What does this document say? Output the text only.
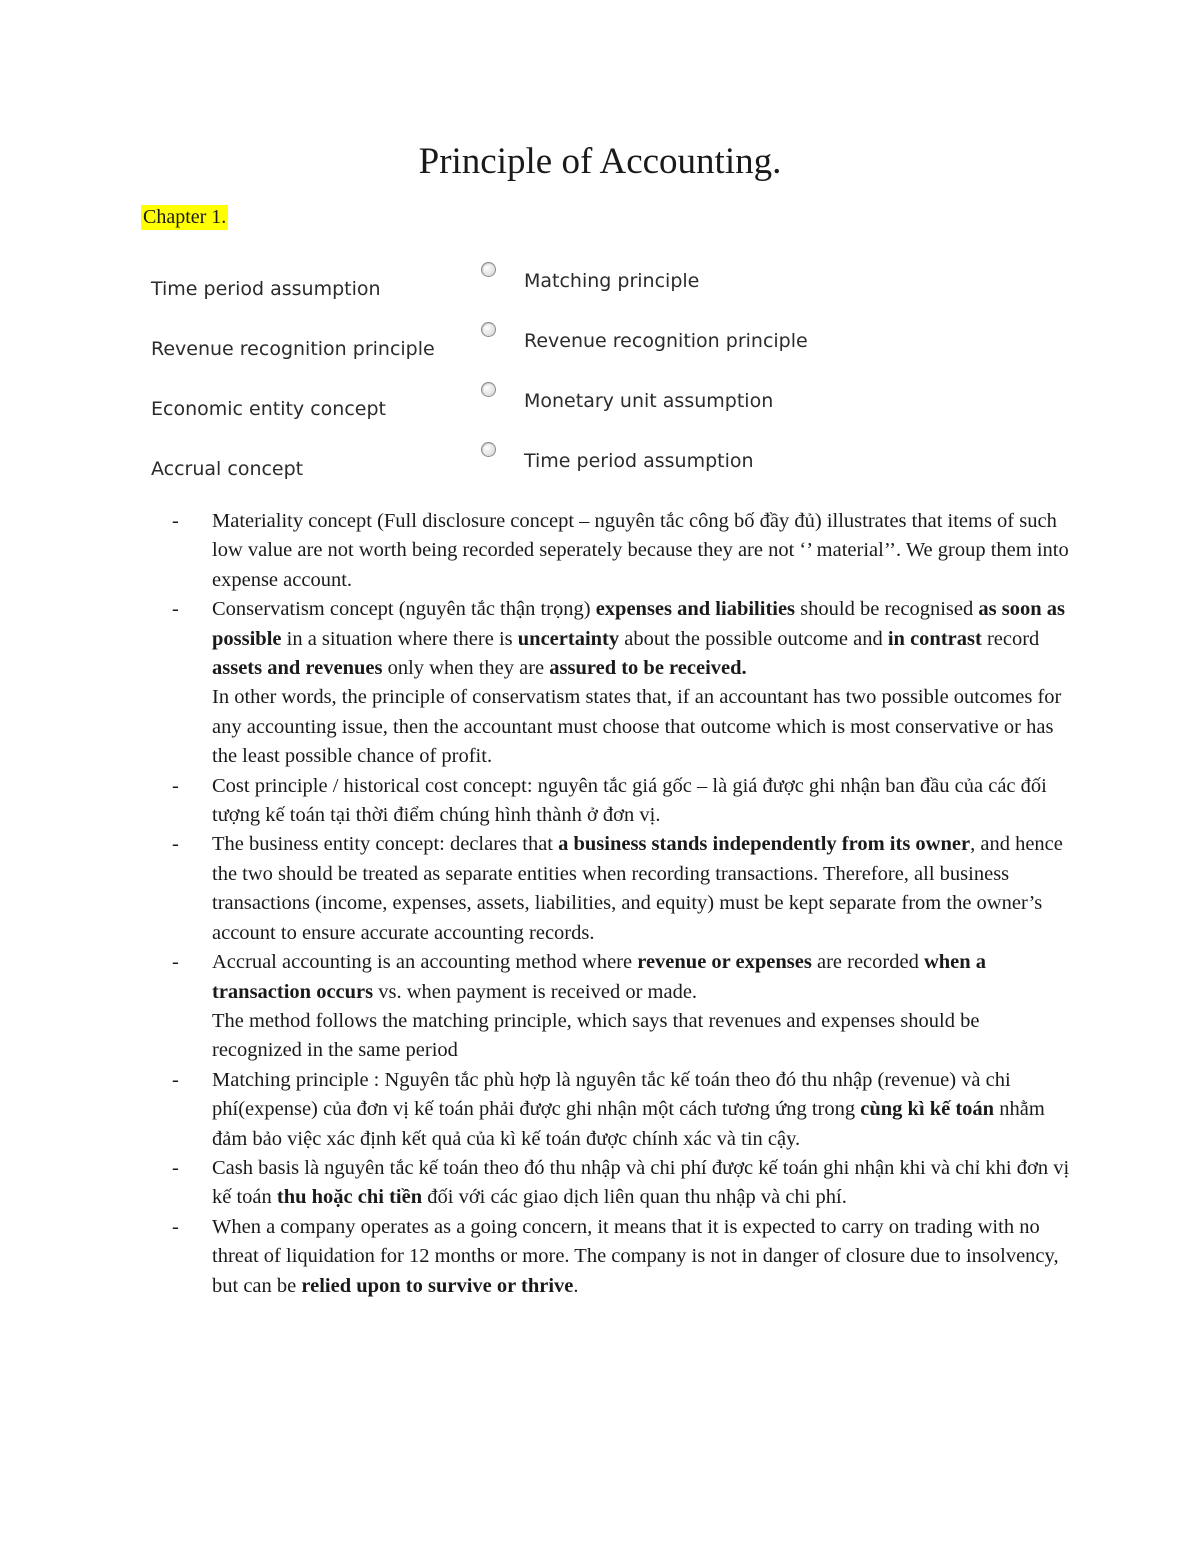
Principle of Accounting.
Chapter 1.
Time period assumption
Revenue recognition principle
Economic entity concept
Accrual concept
Matching principle
Revenue recognition principle
Monetary unit assumption
Time period assumption
- Materiality concept (Full disclosure concept – nguyên tắc công bố đầy đủ) illustrates that items of such low value are not worth being recorded seperately because they are not ‘’ material’’. We group them into expense account.

- Conservatism concept (nguyên tắc thận trọng) expenses and liabilities should be recognised as soon as possible in a situation where there is uncertainty about the possible outcome and in contrast record assets and revenues only when they are assured to be received.

In other words, the principle of conservatism states that, if an accountant has two possible outcomes for any accounting issue, then the accountant must choose that outcome which is most conservative or has the least possible chance of profit.

- Cost principle / historical cost concept: nguyên tắc giá gốc – là giá được ghi nhận ban đầu của các đối tượng kế toán tại thời điểm chúng hình thành ở đơn vị.

- The business entity concept: declares that a business stands independently from its owner, and hence the two should be treated as separate entities when recording transactions. Therefore, all business transactions (income, expenses, assets, liabilities, and equity) must be kept separate from the owner’s account to ensure accurate accounting records.

- Accrual accounting is an accounting method where revenue or expenses are recorded when a transaction occurs vs. when payment is received or made.

The method follows the matching principle, which says that revenues and expenses should be recognized in the same period

- Matching principle : Nguyên tắc phù hợp là nguyên tắc kế toán theo đó thu nhập (revenue) và chi phí(expense) của đơn vị kế toán phải được ghi nhận một cách tương ứng trong cùng kì kế toán nhằm đảm bảo việc xác định kết quả của kì kế toán được chính xác và tin cậy.

- Cash basis là nguyên tắc kế toán theo đó thu nhập và chi phí được kế toán ghi nhận khi và chỉ khi đơn vị kế toán thu hoặc chi tiền đối với các giao dịch liên quan thu nhập và chi phí.

- When a company operates as a going concern, it means that it is expected to carry on trading with no threat of liquidation for 12 months or more. The company is not in danger of closure due to insolvency, but can be relied upon to survive or thrive.
